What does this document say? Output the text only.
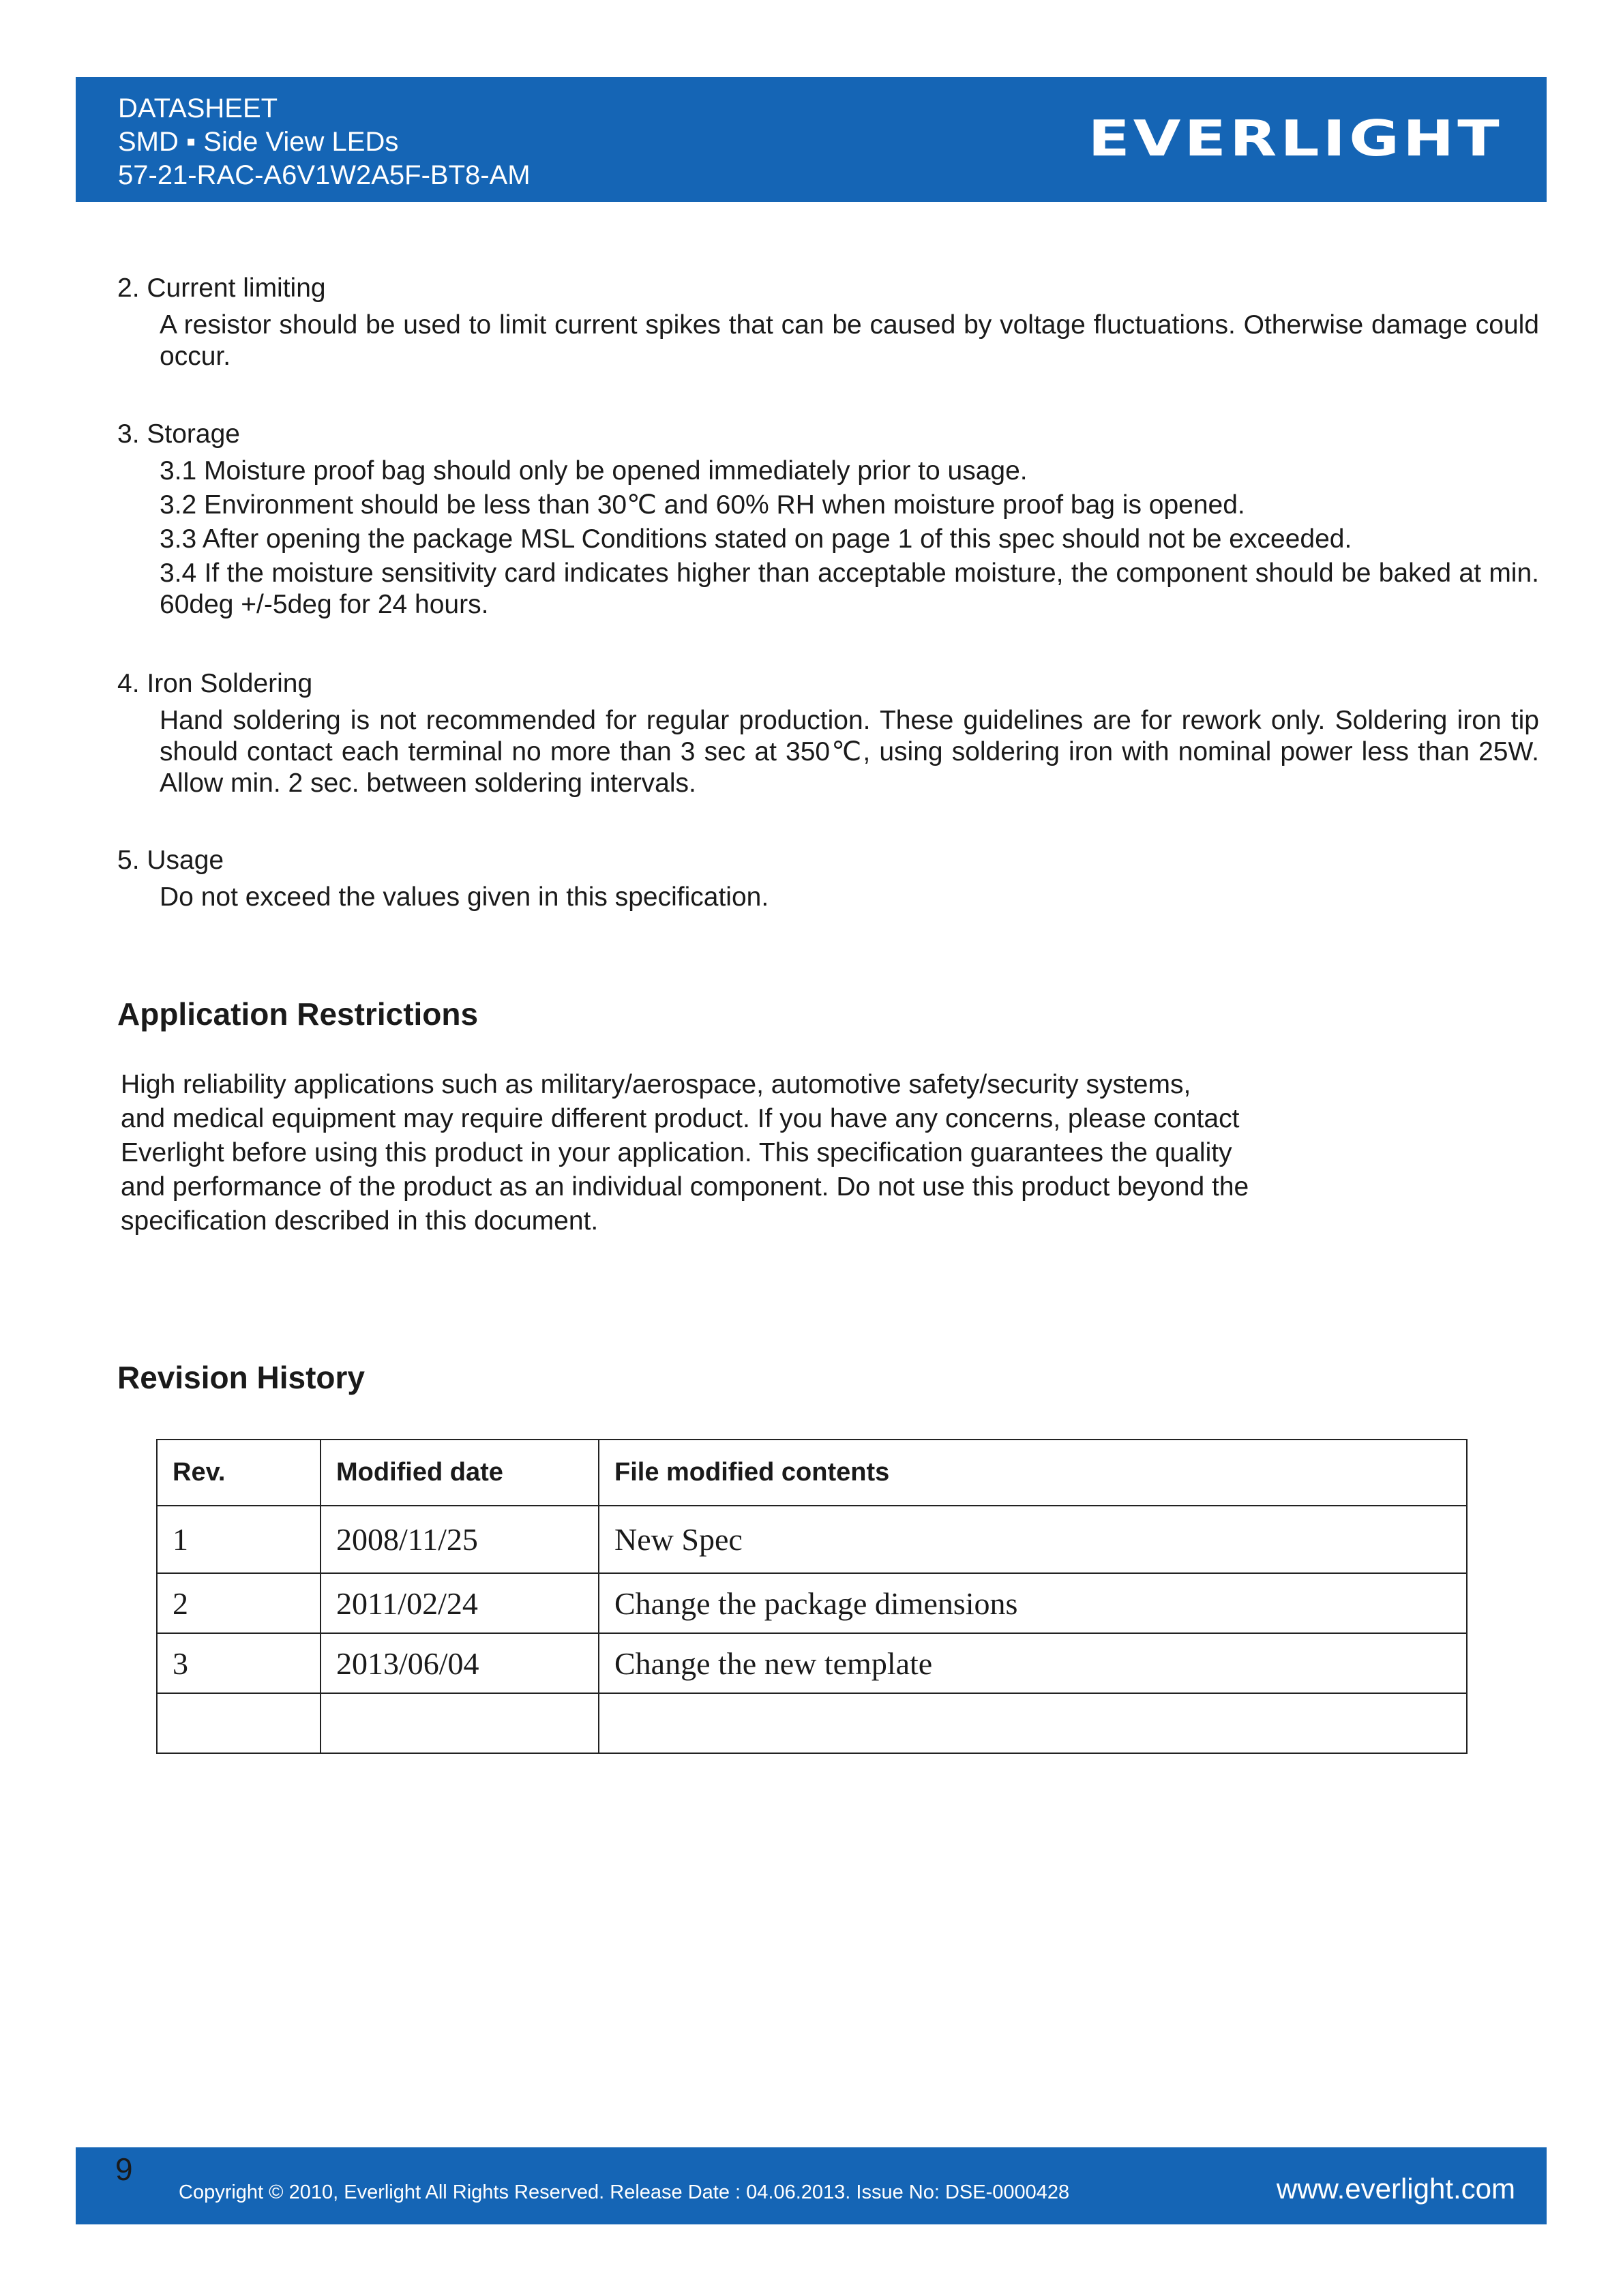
DATASHEET
SMD ▪ Side View LEDs
57-21-RAC-A6V1W2A5F-BT8-AM
EVERLIGHT
2. Current limiting
A resistor should be used to limit current spikes that can be caused by voltage fluctuations. Otherwise damage could occur.
3. Storage
3.1 Moisture proof bag should only be opened immediately prior to usage.
3.2 Environment should be less than 30℃ and 60% RH when moisture proof bag is opened.
3.3 After opening the package MSL Conditions stated on page 1 of this spec should not be exceeded.
3.4 If the moisture sensitivity card indicates higher than acceptable moisture, the component should be baked at min. 60deg +/-5deg for 24 hours.
4. Iron Soldering
Hand soldering is not recommended for regular production. These guidelines are for rework only. Soldering iron tip should contact each terminal no more than 3 sec at 350℃, using soldering iron with nominal power less than 25W. Allow min. 2 sec. between soldering intervals.
5. Usage
Do not exceed the values given in this specification.
Application Restrictions
High reliability applications such as military/aerospace, automotive safety/security systems,
and medical equipment may require different product. If you have any concerns, please contact
Everlight before using this product in your application. This specification guarantees the quality
and performance of the product as an individual component. Do not use this product beyond the
specification described in this document.
Revision History
Rev.	Modified date	File modified contents
1	2008/11/25	New Spec
2	2011/02/24	Change the package dimensions
3	2013/06/04	Change the new template

9
Copyright © 2010, Everlight All Rights Reserved. Release Date : 04.06.2013. Issue No: DSE-0000428	www.everlight.com
